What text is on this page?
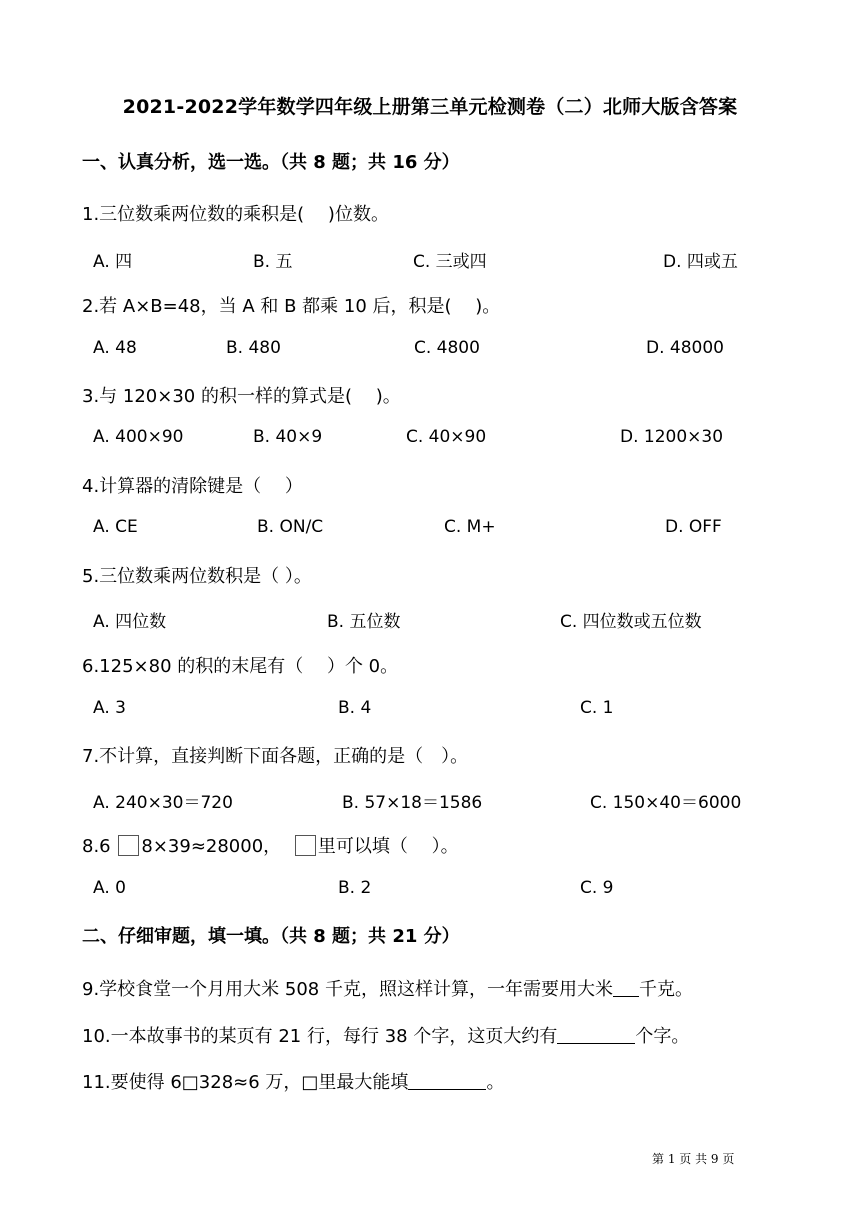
2021-2022学年数学四年级上册第三单元检测卷（二）北师大版含答案
一、认真分析，选一选。（共 8 题；共 16 分）
1.三位数乘两位数的乘积是(　 )位数。
A. 四	B. 五	C. 三或四	D. 四或五
2.若 A×B=48，当 A 和 B 都乘 10 后，积是(　 )。
A. 48	B. 480	C. 4800	D. 48000
3.与 120×30 的积一样的算式是(　 )。
A. 400×90	B. 40×9	C. 40×90	D. 1200×30
4.计算器的清除键是（　 ）
A. CE	B. ON/C	C. M+	D. OFF
5.三位数乘两位数积是（ ）。
A. 四位数	B. 五位数	C. 四位数或五位数
6.125×80 的积的末尾有（　 ）个 0。
A. 3	B. 4	C. 1
7.不计算，直接判断下面各题，正确的是（　）。
A. 240×30＝720	B. 57×18＝1586	C. 150×40＝6000
8.6 8×39≈28000， 里可以填（　 ）。
A. 0	B. 2	C. 9
二、仔细审题，填一填。（共 8 题；共 21 分）
9.学校食堂一个月用大米 508 千克，照这样计算，一年需要用大米 千克。
10.一本故事书的某页有 21 行，每行 38 个字，这页大约有	个字。
11.要使得 6□328≈6 万，□里最大能填	。
第 1 页 共 9 页
